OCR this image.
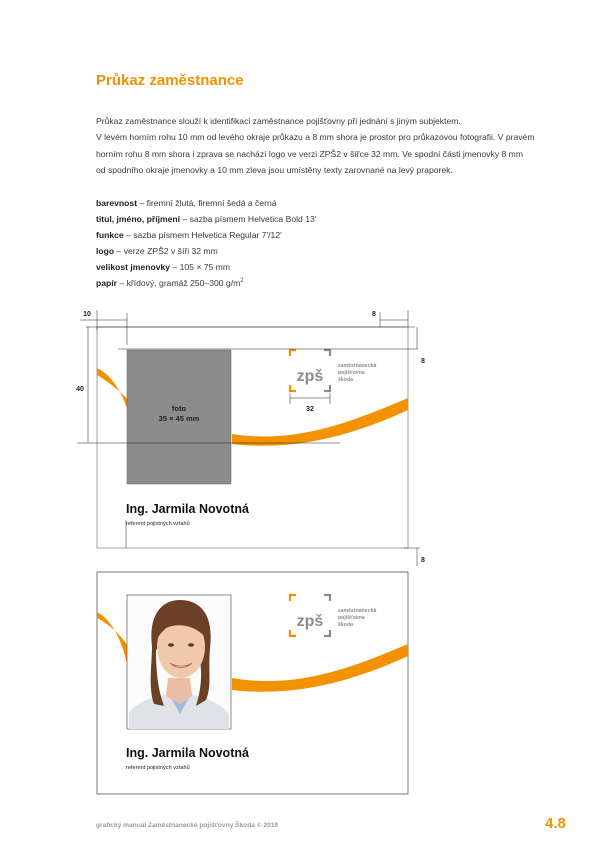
Průkaz zaměstnance
Průkaz zaměstnance slouží k identifikaci zaměstnance pojišťovny při jednání s jiným subjektem.
V levém horním rohu 10 mm od levého okraje průkazu a 8 mm shora je prostor pro průkazovou fotografii. V pravém
horním rohu 8 mm shora i zprava se nachází logo ve verzi ZPŠ2 v šířce 32 mm. Ve spodní části jmenovky 8 mm
od spodního okraje jmenovky a 10 mm zleva jsou umístěny texty zarovnané na levý praporek.
barevnost – firemní žlutá, firemní šedá a černá
titul, jméno, příjmení – sazba písmem Helvetica Bold 13'
funkce – sazba písmem Helvetica Regular 7'/12'
logo – verze ZPŠ2 v šíři 32 mm
velikost jmenovky – 105 × 75 mm
papír – křídový, gramáž 250–300 $g/m^2$
foto
35 × 45 mm
zpš
zaměstnanecká
pojišťovna
škoda
Ing. Jarmila Novotná
referent pojistných vztahů
10	8
8
40
32
8
zpš
zaměstnanecká
pojišťovna
škoda
Ing. Jarmila Novotná
referent pojistných vztahů
grafický manuál Zaměstnanecké pojišťovny Škoda © 2019	4.8
